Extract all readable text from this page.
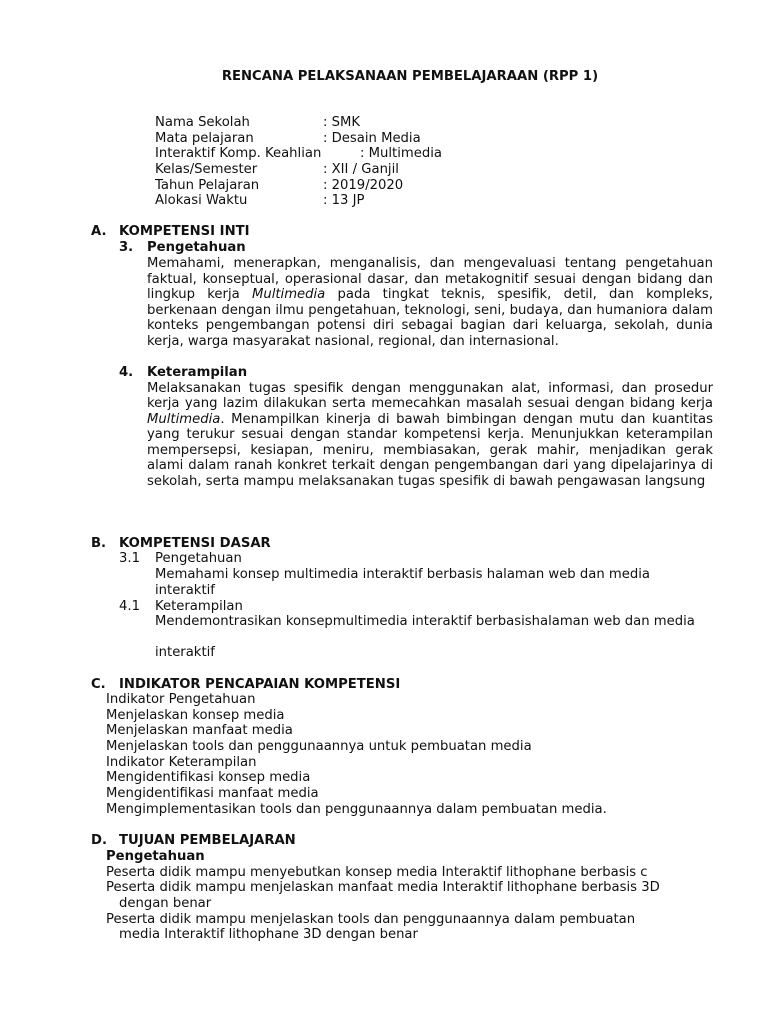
RENCANA PELAKSANAAN PEMBELAJARAAN (RPP 1)
Nama Sekolah	: SMK
Mata pelajaran	: Desain Media
Interaktif Komp. Keahlian	: Multimedia
Kelas/Semester	: XII / Ganjil
Tahun Pelajaran	: 2019/2020
Alokasi Waktu	: 13 JP
A. KOMPETENSI INTI
3. Pengetahuan
Memahami, menerapkan, menganalisis, dan mengevaluasi tentang pengetahuan faktual, konseptual, operasional dasar, dan metakognitif sesuai dengan bidang dan lingkup kerja Multimedia pada tingkat teknis, spesifik, detil, dan kompleks, berkenaan dengan ilmu pengetahuan, teknologi, seni, budaya, dan humaniora dalam konteks pengembangan potensi diri sebagai bagian dari keluarga, sekolah, dunia kerja, warga masyarakat nasional, regional, dan internasional.
4. Keterampilan
Melaksanakan tugas spesifik dengan menggunakan alat, informasi, dan prosedur kerja yang lazim dilakukan serta memecahkan masalah sesuai dengan bidang kerja Multimedia. Menampilkan kinerja di bawah bimbingan dengan mutu dan kuantitas yang terukur sesuai dengan standar kompetensi kerja. Menunjukkan keterampilan mempersepsi, kesiapan, meniru, membiasakan, gerak mahir, menjadikan gerak alami dalam ranah konkret terkait dengan pengembangan dari yang dipelajarinya di sekolah, serta mampu melaksanakan tugas spesifik di bawah pengawasan langsung
B. KOMPETENSI DASAR
3.1 Pengetahuan
Memahami konsep multimedia interaktif berbasis halaman web dan media interaktif
4.1 Keterampilan
Mendemontrasikan konsepmultimedia interaktif berbasishalaman web dan media
interaktif
C. INDIKATOR PENCAPAIAN KOMPETENSI
Indikator Pengetahuan
Menjelaskan konsep media
Menjelaskan manfaat media
Menjelaskan tools dan penggunaannya untuk pembuatan media
Indikator Keterampilan
Mengidentifikasi konsep media
Mengidentifikasi manfaat media
Mengimplementasikan tools dan penggunaannya dalam pembuatan media.
D. TUJUAN PEMBELAJARAN
Pengetahuan
Peserta didik mampu menyebutkan konsep media Interaktif lithophane berbasis c
Peserta didik mampu menjelaskan manfaat media Interaktif lithophane berbasis 3D
dengan benar
Peserta didik mampu menjelaskan tools dan penggunaannya dalam pembuatan
media Interaktif lithophane 3D dengan benar
